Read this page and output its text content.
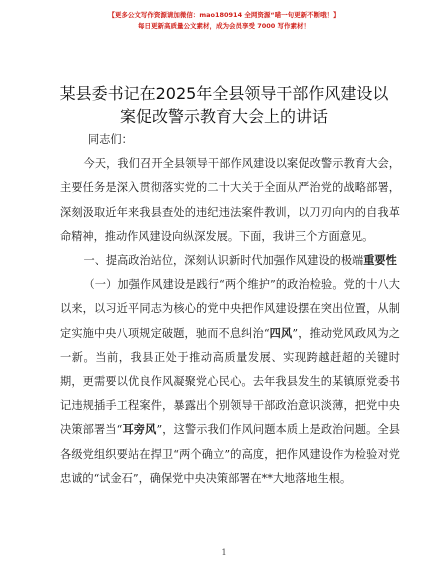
【更多公文写作资源请加微信：mao180914 全网资源“喵一句更新不断哦！】
每日更新高质量公文素材，成为会员享受 7000 写作素材！
某县委书记在2025年全县领导干部作风建设以
案促改警示教育大会上的讲话

同志们：

今天，我们召开全县领导干部作风建设以案促改警示教育大会，主要任务是深入贯彻落实党的二十大关于全面从严治党的战略部署，深刻汲取近年来我县查处的违纪违法案件教训，以刀刃向内的自我革命精神，推动作风建设向纵深发展。下面，我讲三个方面意见。

一、提高政治站位，深刻认识新时代加强作风建设的极端重要性

（一）加强作风建设是践行“两个维护”的政治检验。党的十八大以来，以习近平同志为核心的党中央把作风建设摆在突出位置，从制定实施中央八项规定破题，驰而不息纠治“四风”，推动党风政风为之一新。当前，我县正处于推动高质量发展、实现跨越赶超的关键时期，更需要以优良作风凝聚党心民心。去年我县发生的某镇原党委书记违规插手工程案件，暴露出个别领导干部政治意识淡薄，把党中央决策部署当“耳旁风”，这警示我们作风问题本质上是政治问题。全县各级党组织要站在捍卫“两个确立”的高度，把作风建设作为检验对党忠诚的“试金石”，确保党中央决策部署在**大地落地生根。

1
